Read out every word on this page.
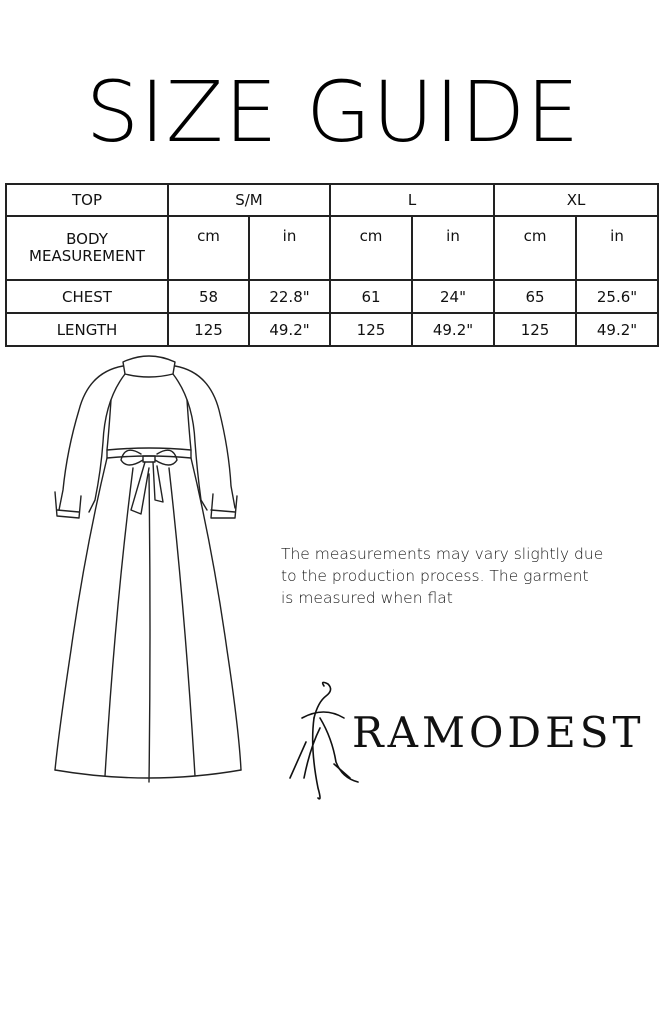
SIZE GUIDE
TOP	S/M		L		XL	

BODY
MEASUREMENT	cm	in	cm	in	cm	in
CHEST	58	22.8"	61	24"	65	25.6"
LENGTH	125	49.2"	125	49.2"	125	49.2"
The measurements may vary slightly due
to the production process. The garment
is measured when flat
RAMODEST
